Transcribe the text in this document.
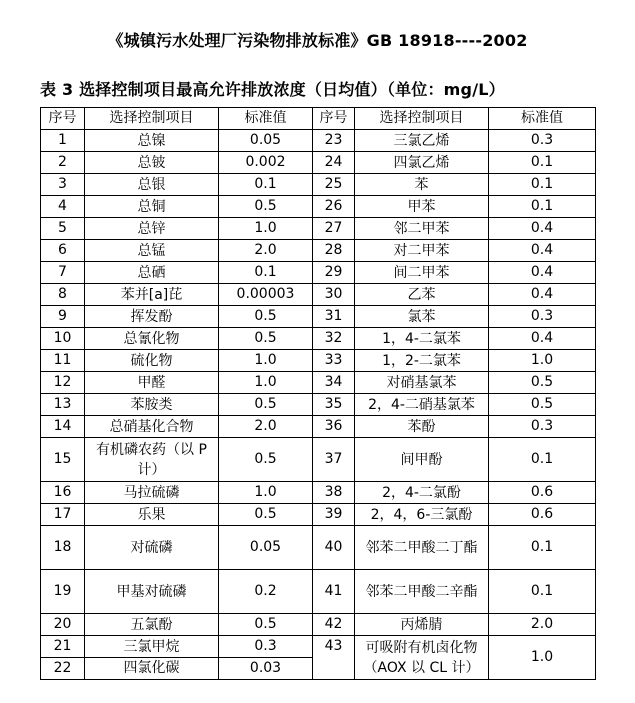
《城镇污水处理厂污染物排放标准》GB 18918----2002
表 3 选择控制项目最高允许排放浓度（日均值）（单位：mg/L）
序号	选择控制项目	标准值	序号	选择控制项目	标准值
1	总镍	0.05	23	三氯乙烯	0.3
2	总铍	0.002	24	四氯乙烯	0.1
3	总银	0.1	25	苯	0.1
4	总铜	0.5	26	甲苯	0.1
5	总锌	1.0	27	邻二甲苯	0.4
6	总锰	2.0	28	对二甲苯	0.4
7	总硒	0.1	29	间二甲苯	0.4
8	苯并[a]芘	0.00003	30	乙苯	0.4
9	挥发酚	0.5	31	氯苯	0.3
10	总氰化物	0.5	32	1，4-二氯苯	0.4
11	硫化物	1.0	33	1，2-二氯苯	1.0
12	甲醛	1.0	34	对硝基氯苯	0.5
13	苯胺类	0.5	35	2，4-二硝基氯苯	0.5
14	总硝基化合物	2.0	36	苯酚	0.3
15	有机磷农药（以 P 计）	0.5	37	间甲酚	0.1
16	马拉硫磷	1.0	38	2，4-二氯酚	0.6
17	乐果	0.5	39	2，4，6-三氯酚	0.6
18	对硫磷	0.05	40	邻苯二甲酸二丁酯	0.1
19	甲基对硫磷	0.2	41	邻苯二甲酸二辛酯	0.1
20	五氯酚	0.5	42	丙烯腈	2.0
21	三氯甲烷	0.3	43	可吸附有机卤化物（AOX 以 CL 计）	1.0
22	四氯化碳	0.03			
